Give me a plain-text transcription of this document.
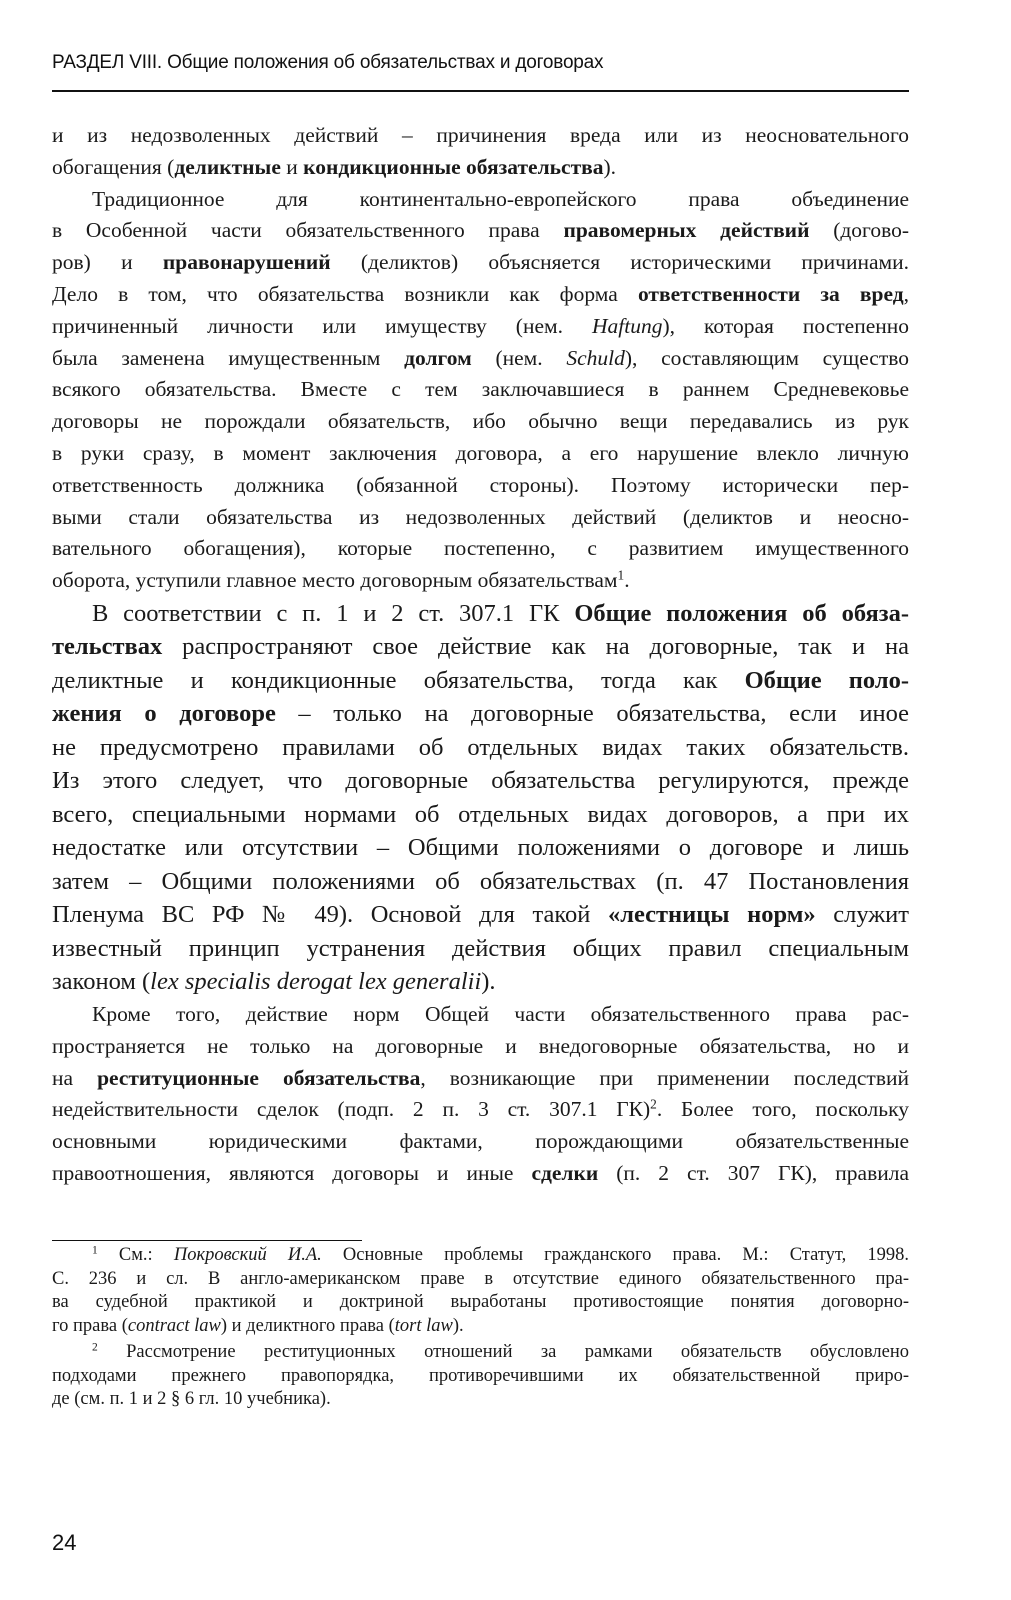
РАЗДЕЛ VIII. Общие положения об обязательствах и договорах

и из недозволенных действий – причинения вреда или из неосновательного
обогащения (деликтные и кондикционные обязательства).

Традиционное для континентально-европейского права объединение
в Особенной части обязательственного права правомерных действий (догово-
ров) и правонарушений (деликтов) объясняется историческими причинами.
Дело в том, что обязательства возникли как форма ответственности за вред,
причиненный личности или имуществу (нем. Haftung), которая постепенно
была заменена имущественным долгом (нем. Schuld), составляющим существо
всякого обязательства. Вместе с тем заключавшиеся в раннем Средневековье
договоры не порождали обязательств, ибо обычно вещи передавались из рук
в руки сразу, в момент заключения договора, а его нарушение влекло личную
ответственность должника (обязанной стороны). Поэтому исторически пер-
выми стали обязательства из недозволенных действий (деликтов и неосно-
вательного обогащения), которые постепенно, с развитием имущественного
оборота, уступили главное место договорным обязательствам$^1$.

В соответствии с п. 1 и 2 ст. 307.1 ГК Общие положения об обяза-
тельствах распространяют свое действие как на договорные, так и на
деликтные и кондикционные обязательства, тогда как Общие поло-
жения о договоре – только на договорные обязательства, если иное
не предусмотрено правилами об отдельных видах таких обязательств.
Из этого следует, что договорные обязательства регулируются, прежде
всего, специальными нормами об отдельных видах договоров, а при их
недостатке или отсутствии – Общими положениями о договоре и лишь
затем – Общими положениями об обязательствах (п. 47 Постановления
Пленума ВС РФ № 49). Основой для такой «лестницы норм» служит
известный принцип устранения действия общих правил специальным
законом (lex specialis derogat lex generalii).

Кроме того, действие норм Общей части обязательственного права рас-
пространяется не только на договорные и внедоговорные обязательства, но и
на реституционные обязательства, возникающие при применении последствий
недействительности сделок (подп. 2 п. 3 ст. 307.1 ГК)$^2$. Более того, поскольку
основными юридическими фактами, порождающими обязательственные
правоотношения, являются договоры и иные сделки (п. 2 ст. 307 ГК), правила

$^1$ См.: Покровский И.А. Основные проблемы гражданского права. М.: Статут, 1998.
С. 236 и сл. В англо-американском праве в отсутствие единого обязательственного пра-
ва судебной практикой и доктриной выработаны противостоящие понятия договорно-
го права (contract law) и деликтного права (tort law).

$^2$ Рассмотрение реституционных отношений за рамками обязательств обусловлено
подходами прежнего правопорядка, противоречившими их обязательственной приро-
де (см. п. 1 и 2 § 6 гл. 10 учебника).

24
